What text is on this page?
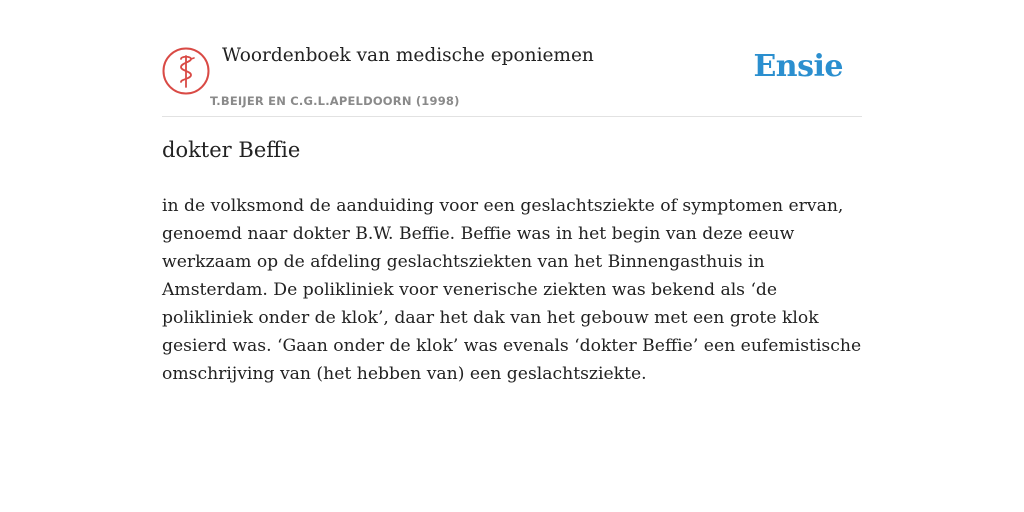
Woordenboek van medische eponiemen
T.BEIJER EN C.G.L.APELDOORN (1998)
Ensie
dokter Beffie

in de volksmond de aanduiding voor een geslachtsziekte of symptomen ervan, genoemd naar dokter B.W. Beffie. Beffie was in het begin van deze eeuw werkzaam op de afdeling geslachtsziekten van het Binnengasthuis in Amsterdam. De polikliniek voor venerische ziekten was bekend als ‘de polikliniek onder de klok’, daar het dak van het gebouw met een grote klok gesierd was. ‘Gaan onder de klok’ was evenals ‘dokter Beffie’ een eufemistische omschrijving van (het hebben van) een geslachtsziekte.
